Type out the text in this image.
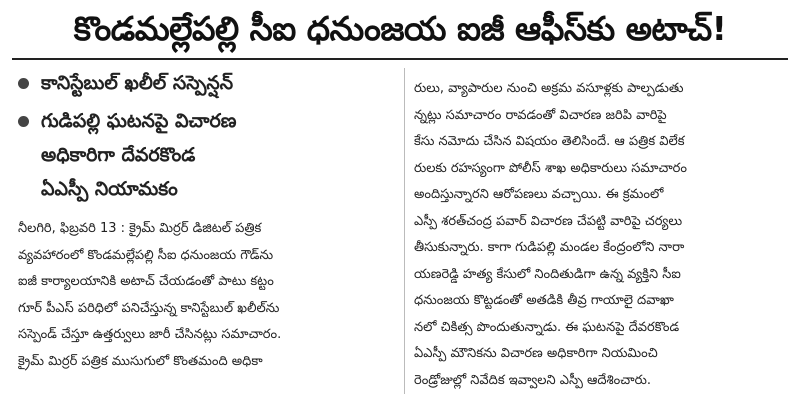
కొండమల్లేపల్లి సీఐ ధనుంజయ ఐజీ ఆఫీస్‌కు అటాచ్!
కానిస్టేబుల్ ఖలీల్ సస్పెన్షన్
గుడిపల్లి ఘటనపై విచారణ
అధికారిగా దేవరకొండ
ఏఎస్పీ నియామకం
నీలగిరి, ఫిబ్రవరి 13 : క్రైమ్ మిర్రర్ డిజిటల్ పత్రిక
వ్యవహారంలో కొండమల్లేపల్లి సీఐ ధనుంజయ గౌడ్‌ను
ఐజీ కార్యాలయానికి అటాచ్ చేయడంతో పాటు కట్టం
గూర్ పీఎస్ పరిధిలో పనిచేస్తున్న కానిస్టేబుల్ ఖలీల్‌ను
సస్పెండ్ చేస్తూ ఉత్తర్వులు జారీ చేసినట్లు సమాచారం.
క్రైమ్ మిర్రర్ పత్రిక ముసుగులో కొంతమంది అధికా
రులు, వ్యాపారుల నుంచి అక్రమ వసూళ్లకు పాల్పడుతు
న్నట్లు సమాచారం రావడంతో విచారణ జరిపి వారిపై
కేసు నమోదు చేసిన విషయం తెలిసిందే. ఆ పత్రిక విలేక
రులకు రహస్యంగా పోలీస్ శాఖ అధికారులు సమాచారం
అందిస్తున్నారని ఆరోపణలు వచ్చాయి. ఈ క్రమంలో
ఎస్పీ శరత్‌చంద్ర పవార్ విచారణ చేపట్టి వారిపై చర్యలు
తీసుకున్నారు. కాగా గుడిపల్లి మండల కేంద్రంలోని నారా
యణరెడ్డి హత్య కేసులో నిందితుడిగా ఉన్న వ్యక్తిని సీఐ
ధనుంజయ కొట్టడంతో అతడికి తీవ్ర గాయాలై దవాఖా
నలో చికిత్స పొందుతున్నాడు. ఈ ఘటనపై దేవరకొండ
ఏఎస్పీ మౌనికను విచారణ అధికారిగా నియమించి
రెండ్రోజుల్లో నివేదిక ఇవ్వాలని ఎస్పీ ఆదేశించారు.
